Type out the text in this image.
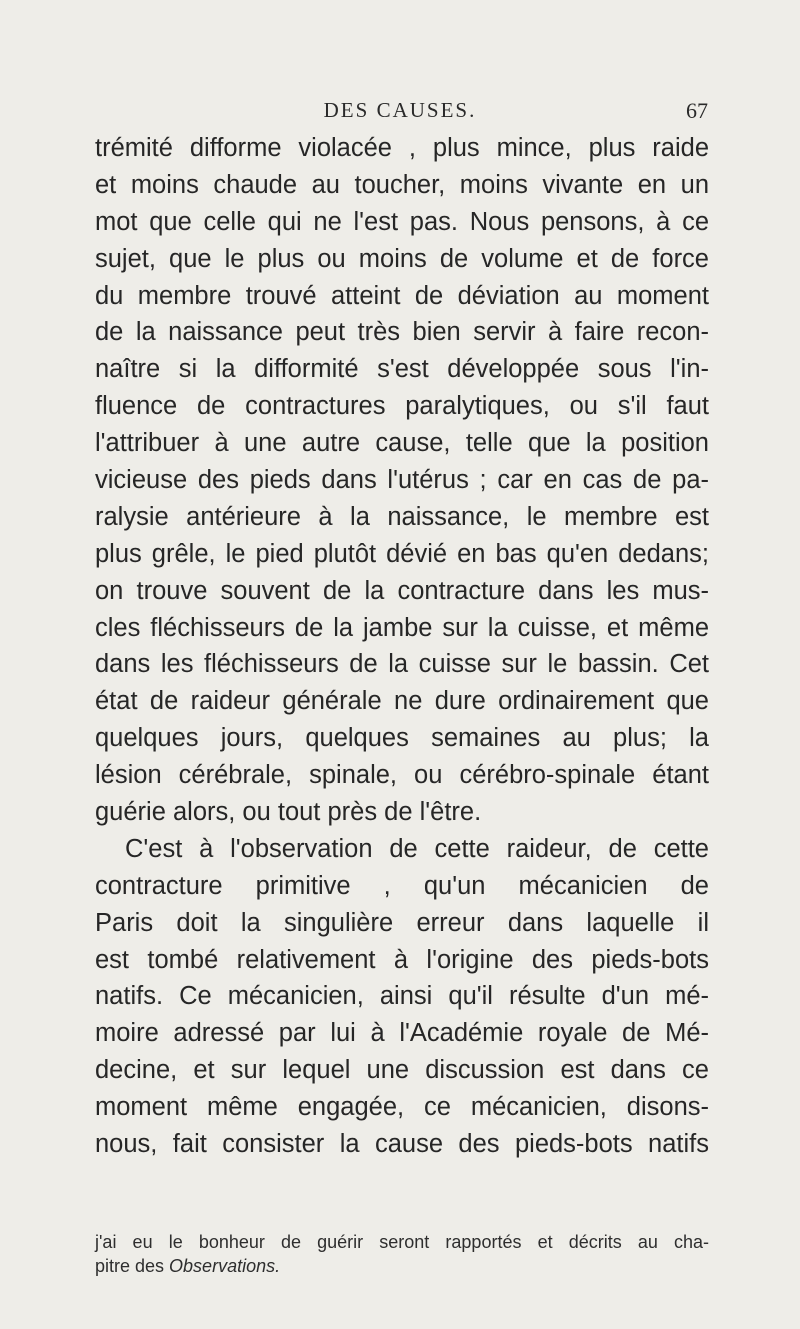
DES CAUSES.	67
trémité difforme violacée , plus mince, plus raide
et moins chaude au toucher, moins vivante en un
mot que celle qui ne l'est pas. Nous pensons, à ce
sujet, que le plus ou moins de volume et de force
du membre trouvé atteint de déviation au moment
de la naissance peut très bien servir à faire recon-
naître si la difformité s'est développée sous l'in-
fluence de contractures paralytiques, ou s'il faut
l'attribuer à une autre cause, telle que la position
vicieuse des pieds dans l'utérus ; car en cas de pa-
ralysie antérieure à la naissance, le membre est
plus grêle, le pied plutôt dévié en bas qu'en dedans;
on trouve souvent de la contracture dans les mus-
cles fléchisseurs de la jambe sur la cuisse, et même
dans les fléchisseurs de la cuisse sur le bassin. Cet
état de raideur générale ne dure ordinairement que
quelques jours, quelques semaines au plus; la
lésion cérébrale, spinale, ou cérébro-spinale étant
guérie alors, ou tout près de l'être.
C'est à l'observation de cette raideur, de cette
contracture primitive , qu'un mécanicien de
Paris doit la singulière erreur dans laquelle il
est tombé relativement à l'origine des pieds-bots
natifs. Ce mécanicien, ainsi qu'il résulte d'un mé-
moire adressé par lui à l'Académie royale de Mé-
decine, et sur lequel une discussion est dans ce
moment même engagée, ce mécanicien, disons-
nous, fait consister la cause des pieds-bots natifs
j'ai eu le bonheur de guérir seront rapportés et décrits au cha-
pitre des Observations.
